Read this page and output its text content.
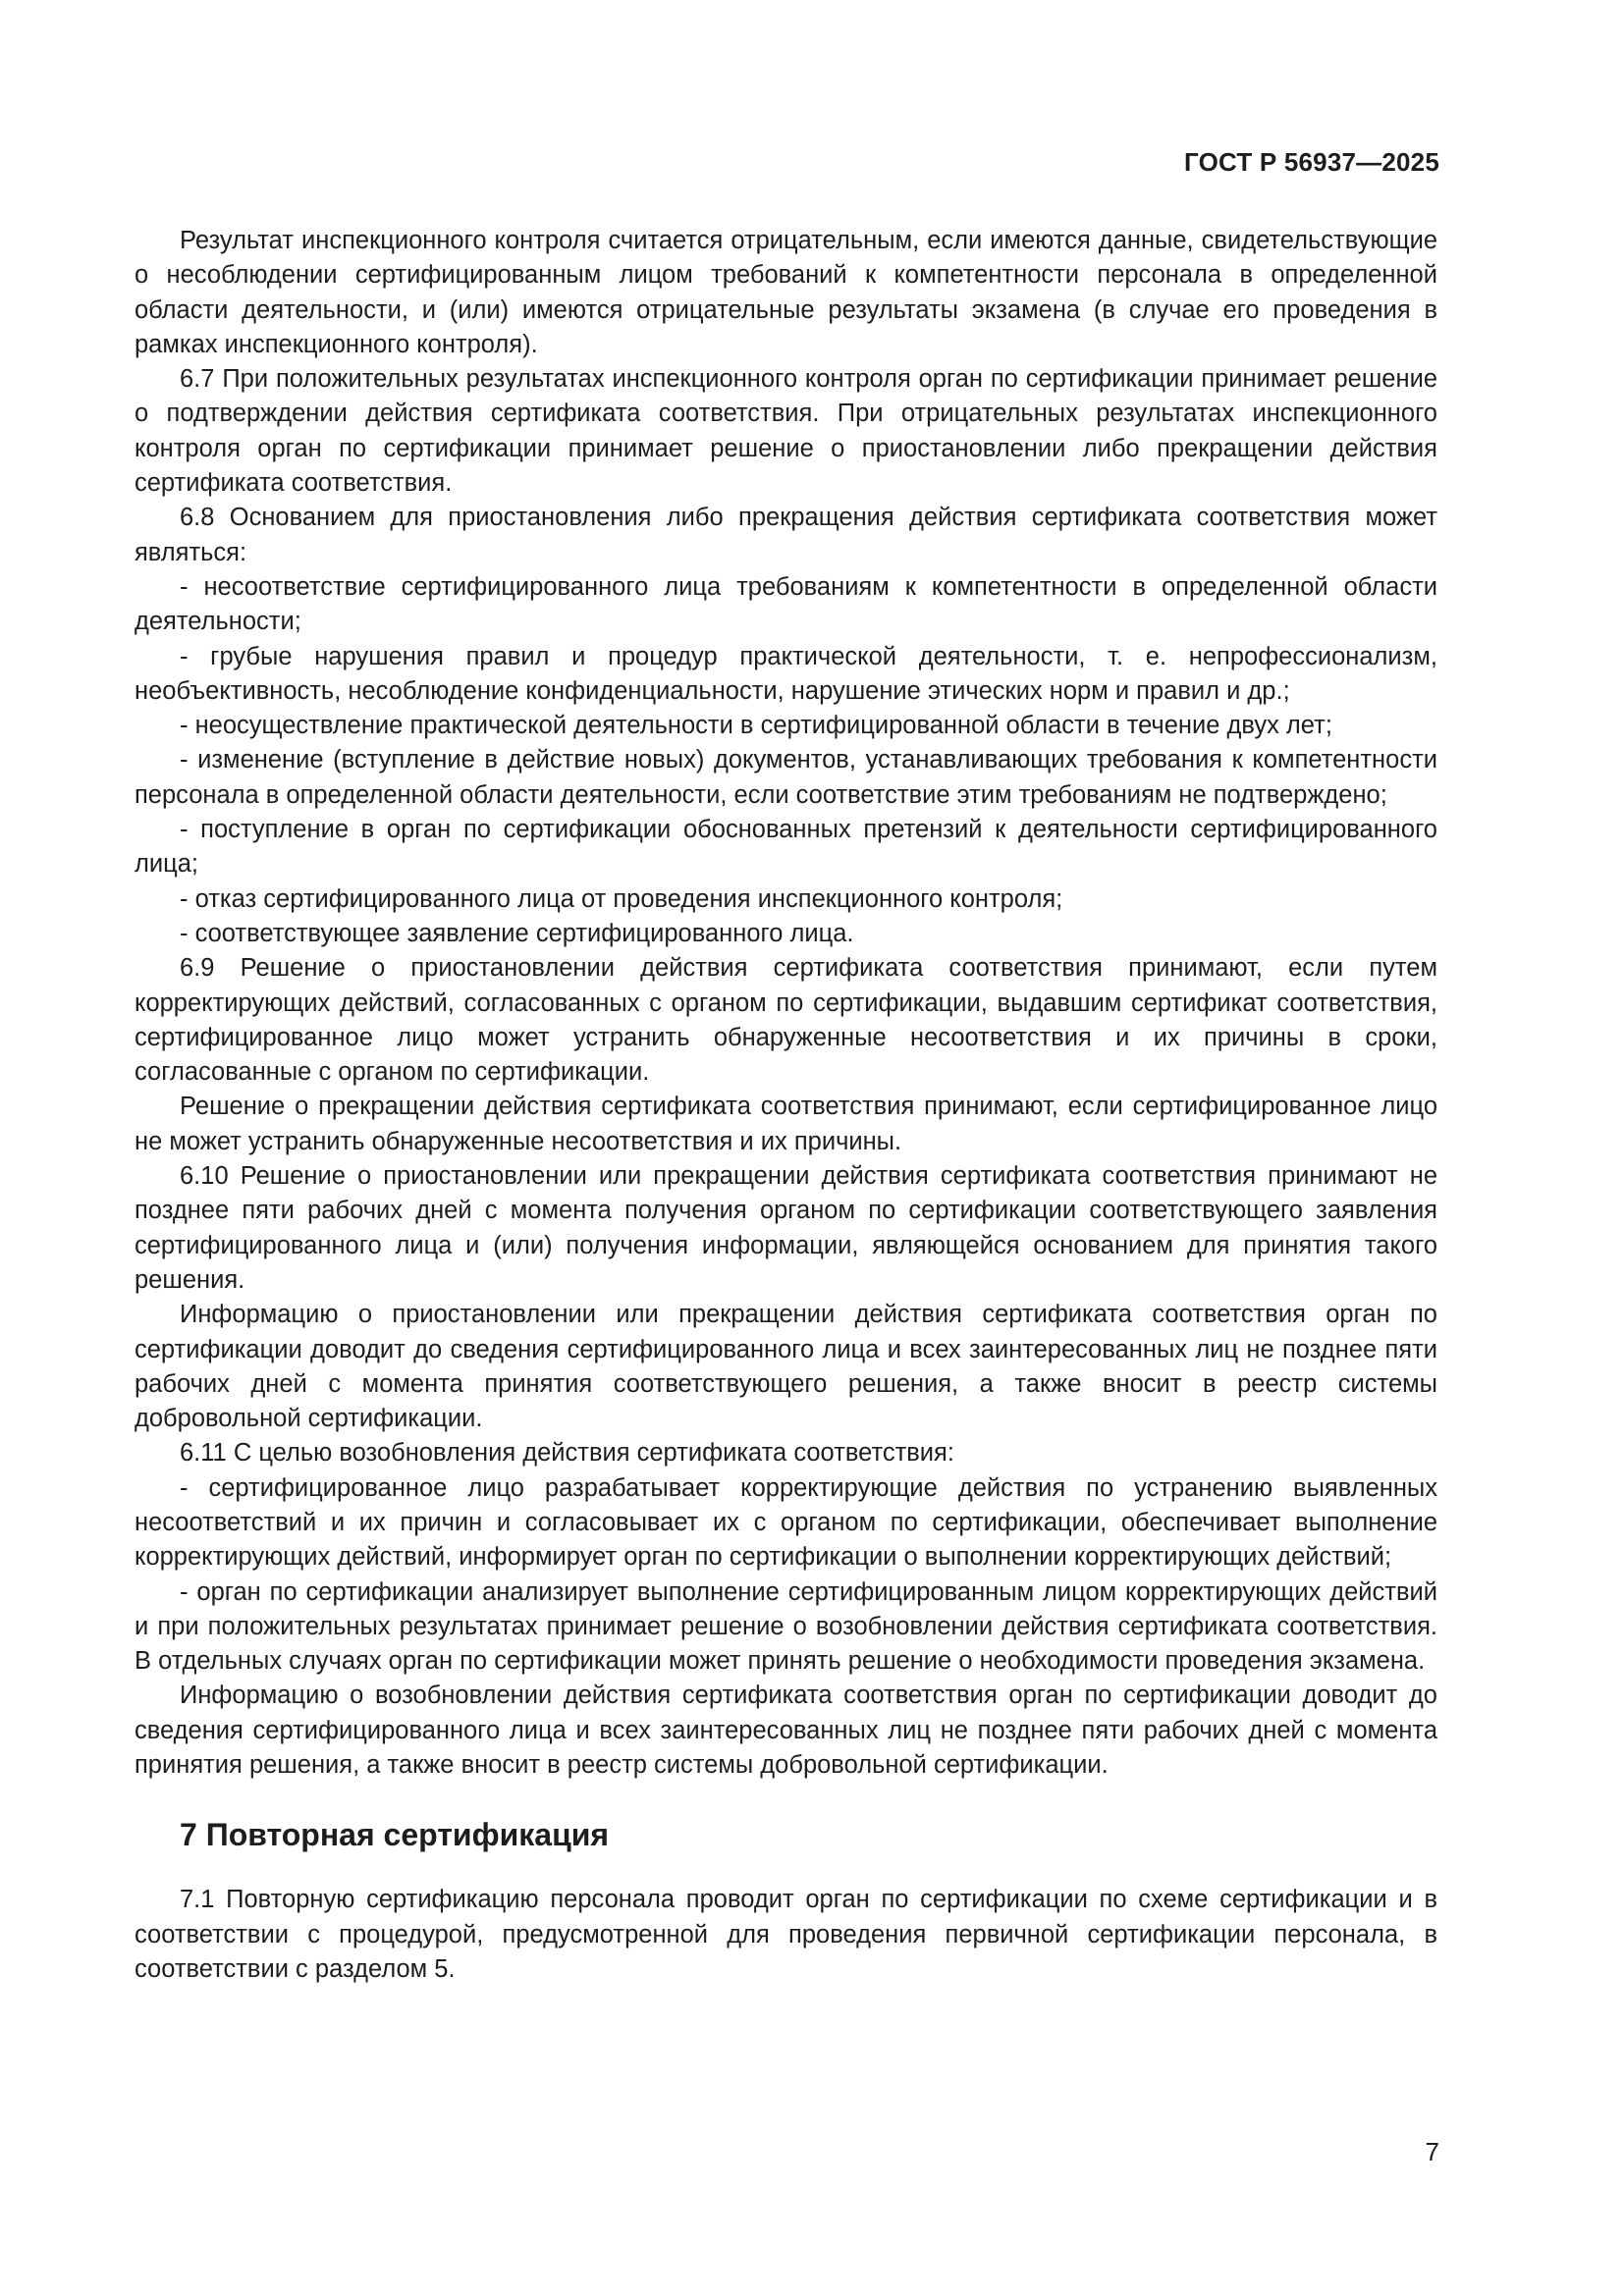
ГОСТ Р 56937—2025

Результат инспекционного контроля считается отрицательным, если имеются данные, свидетельствующие о несоблюдении сертифицированным лицом требований к компетентности персонала в определенной области деятельности, и (или) имеются отрицательные результаты экзамена (в случае его проведения в рамках инспекционного контроля).

6.7 При положительных результатах инспекционного контроля орган по сертификации принимает решение о подтверждении действия сертификата соответствия. При отрицательных результатах инспекционного контроля орган по сертификации принимает решение о приостановлении либо прекращении действия сертификата соответствия.

6.8 Основанием для приостановления либо прекращения действия сертификата соответствия может являться:

- несоответствие сертифицированного лица требованиям к компетентности в определенной области деятельности;

- грубые нарушения правил и процедур практической деятельности, т. е. непрофессионализм, необъективность, несоблюдение конфиденциальности, нарушение этических норм и правил и др.;

- неосуществление практической деятельности в сертифицированной области в течение двух лет;

- изменение (вступление в действие новых) документов, устанавливающих требования к компетентности персонала в определенной области деятельности, если соответствие этим требованиям не подтверждено;

- поступление в орган по сертификации обоснованных претензий к деятельности сертифицированного лица;

- отказ сертифицированного лица от проведения инспекционного контроля;

- соответствующее заявление сертифицированного лица.

6.9 Решение о приостановлении действия сертификата соответствия принимают, если путем корректирующих действий, согласованных с органом по сертификации, выдавшим сертификат соответствия, сертифицированное лицо может устранить обнаруженные несоответствия и их причины в сроки, согласованные с органом по сертификации.

Решение о прекращении действия сертификата соответствия принимают, если сертифицированное лицо не может устранить обнаруженные несоответствия и их причины.

6.10 Решение о приостановлении или прекращении действия сертификата соответствия принимают не позднее пяти рабочих дней с момента получения органом по сертификации соответствующего заявления сертифицированного лица и (или) получения информации, являющейся основанием для принятия такого решения.

Информацию о приостановлении или прекращении действия сертификата соответствия орган по сертификации доводит до сведения сертифицированного лица и всех заинтересованных лиц не позднее пяти рабочих дней с момента принятия соответствующего решения, а также вносит в реестр системы добровольной сертификации.

6.11 С целью возобновления действия сертификата соответствия:

- сертифицированное лицо разрабатывает корректирующие действия по устранению выявленных несоответствий и их причин и согласовывает их с органом по сертификации, обеспечивает выполнение корректирующих действий, информирует орган по сертификации о выполнении корректирующих действий;

- орган по сертификации анализирует выполнение сертифицированным лицом корректирующих действий и при положительных результатах принимает решение о возобновлении действия сертификата соответствия. В отдельных случаях орган по сертификации может принять решение о необходимости проведения экзамена.

Информацию о возобновлении действия сертификата соответствия орган по сертификации доводит до сведения сертифицированного лица и всех заинтересованных лиц не позднее пяти рабочих дней с момента принятия решения, а также вносит в реестр системы добровольной сертификации.

7 Повторная сертификация

7.1 Повторную сертификацию персонала проводит орган по сертификации по схеме сертификации и в соответствии с процедурой, предусмотренной для проведения первичной сертификации персонала, в соответствии с разделом 5.

7
